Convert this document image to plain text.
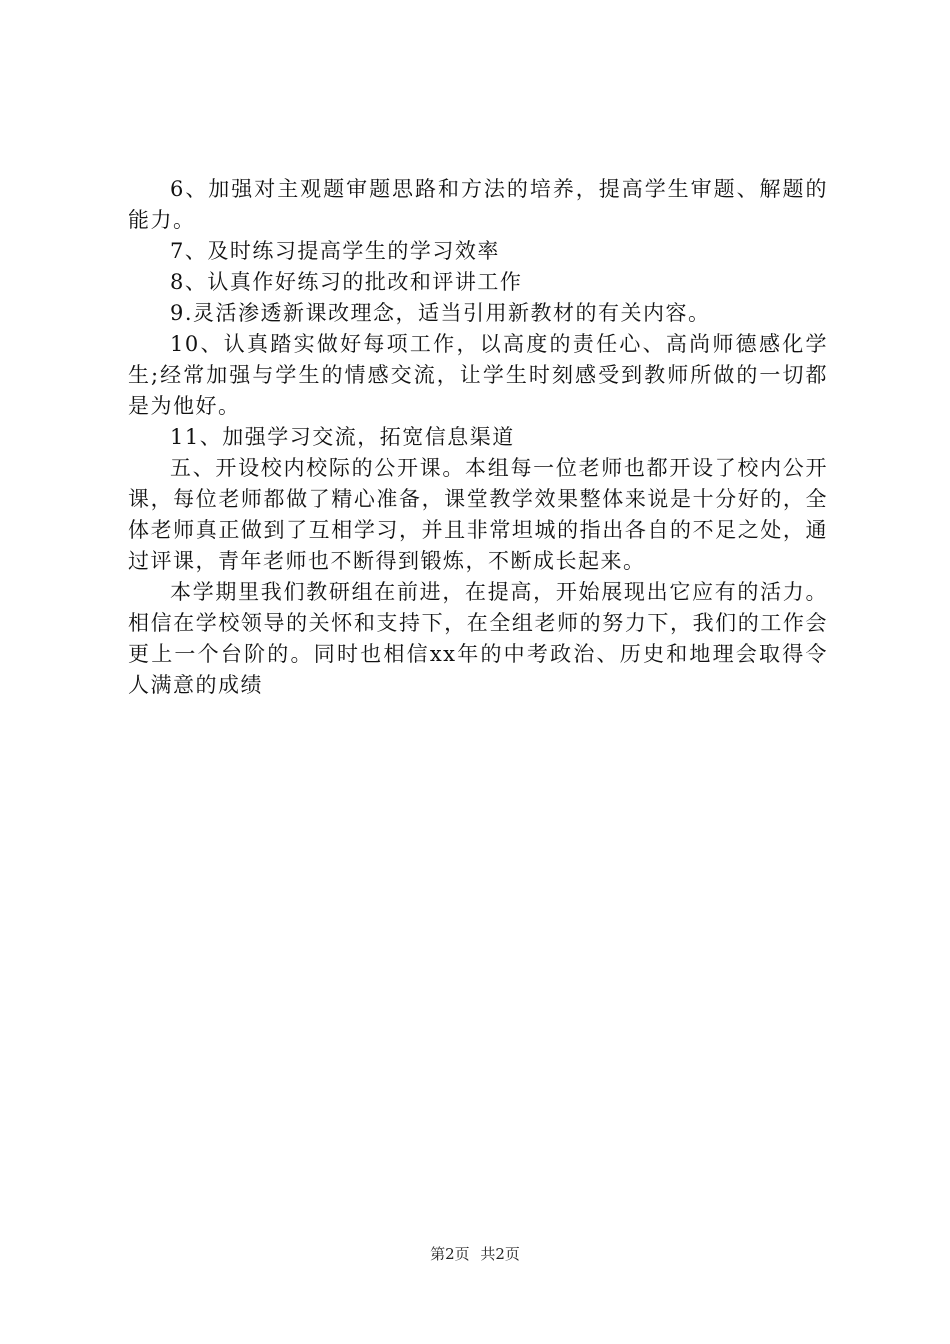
6、加强对主观题审题思路和方法的培养，提高学生审题、解题的能力。

7、及时练习提高学生的学习效率

8、认真作好练习的批改和评讲工作

9.灵活渗透新课改理念，适当引用新教材的有关内容。

10、认真踏实做好每项工作，以高度的责任心、高尚师德感化学生;经常加强与学生的情感交流，让学生时刻感受到教师所做的一切都是为他好。

11、加强学习交流，拓宽信息渠道

五、开设校内校际的公开课。本组每一位老师也都开设了校内公开课，每位老师都做了精心准备，课堂教学效果整体来说是十分好的，全体老师真正做到了互相学习，并且非常坦城的指出各自的不足之处，通过评课，青年老师也不断得到锻炼，不断成长起来。

本学期里我们教研组在前进，在提高，开始展现出它应有的活力。相信在学校领导的关怀和支持下，在全组老师的努力下，我们的工作会更上一个台阶的。同时也相信xx年的中考政治、历史和地理会取得令人满意的成绩

第2页 共2页
